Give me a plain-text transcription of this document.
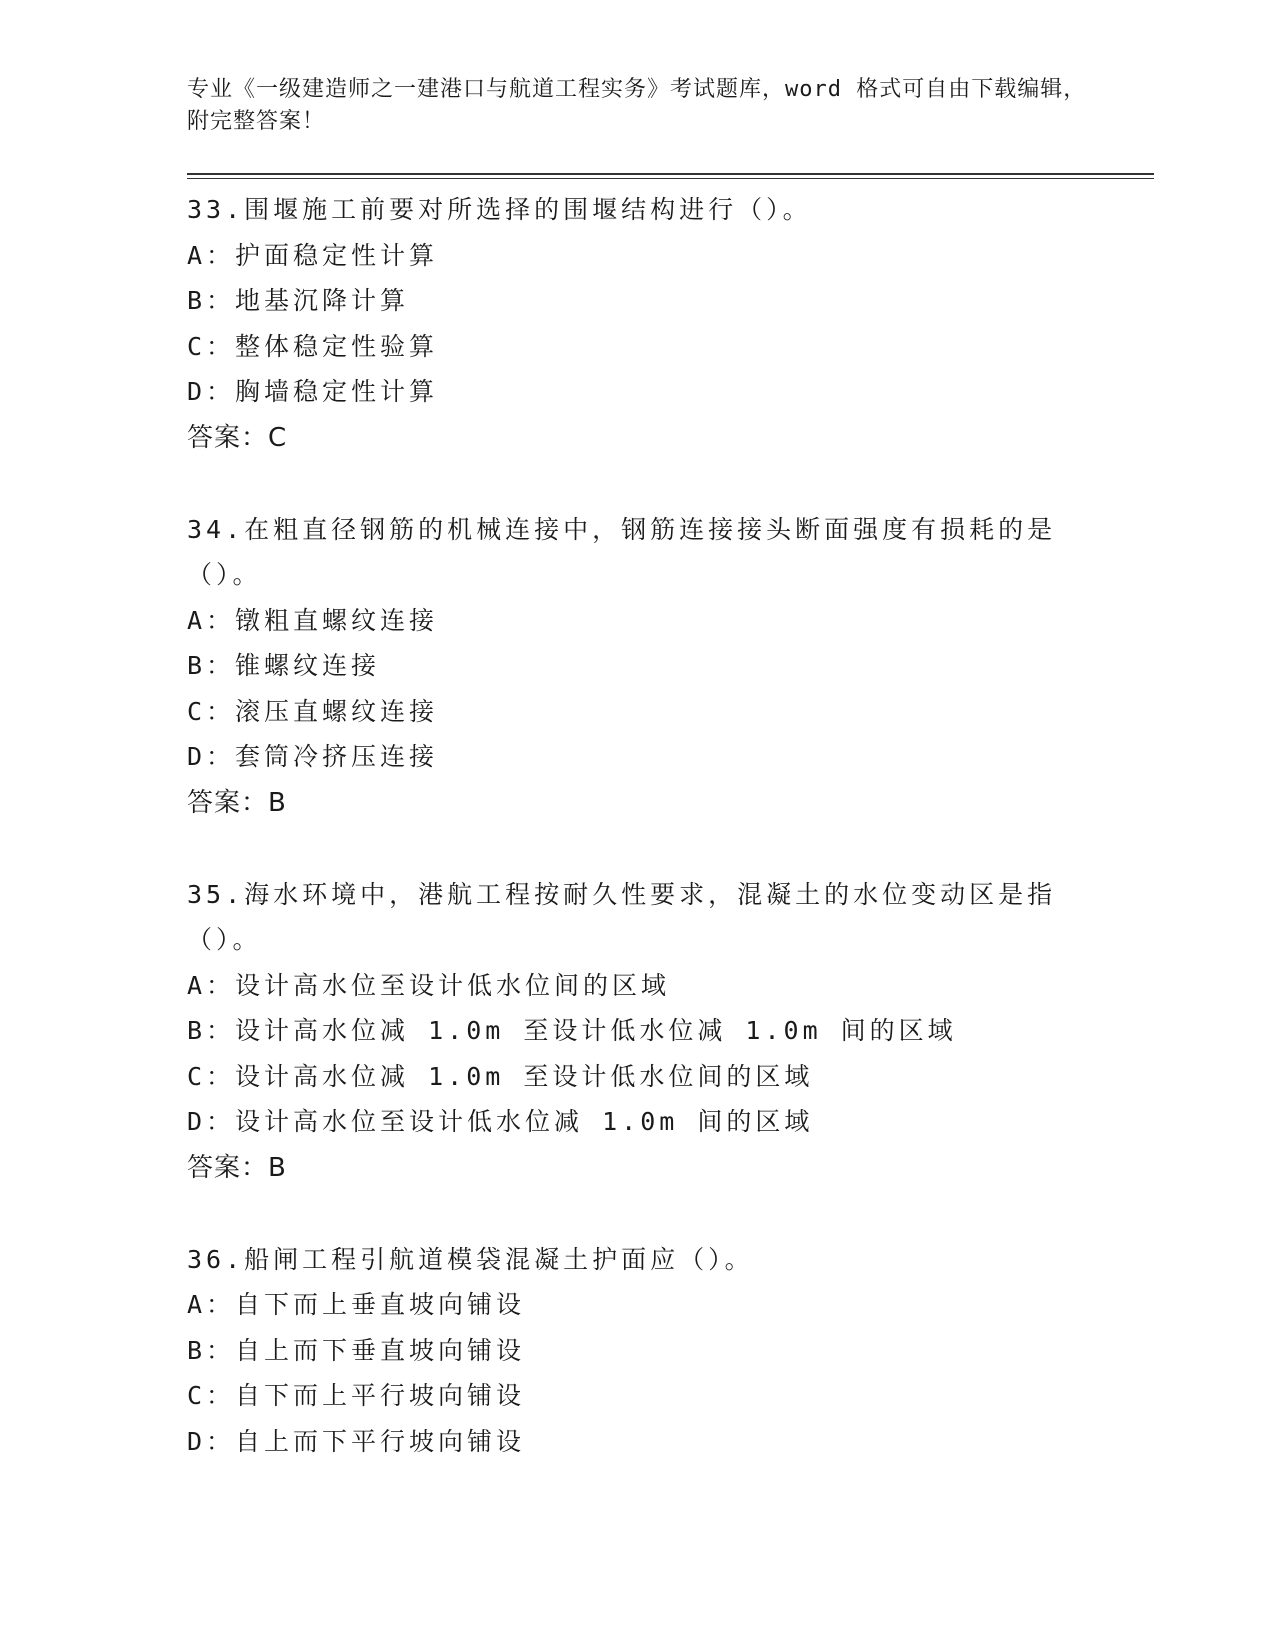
专业《一级建造师之一建港口与航道工程实务》考试题库，word 格式可自由下载编辑，附完整答案！

33.围堰施工前要对所选择的围堰结构进行（）。

A：护面稳定性计算

B：地基沉降计算

C：整体稳定性验算

D：胸墙稳定性计算

答案：C

34.在粗直径钢筋的机械连接中，钢筋连接接头断面强度有损耗的是（）。

A：镦粗直螺纹连接

B：锥螺纹连接

C：滚压直螺纹连接

D：套筒冷挤压连接

答案：B

35.海水环境中，港航工程按耐久性要求，混凝土的水位变动区是指（）。

A：设计高水位至设计低水位间的区域

B：设计高水位减 1.0m 至设计低水位减 1.0m 间的区域

C：设计高水位减 1.0m 至设计低水位间的区域

D：设计高水位至设计低水位减 1.0m 间的区域

答案：B

36.船闸工程引航道模袋混凝土护面应（）。

A：自下而上垂直坡向铺设

B：自上而下垂直坡向铺设

C：自下而上平行坡向铺设

D：自上而下平行坡向铺设
